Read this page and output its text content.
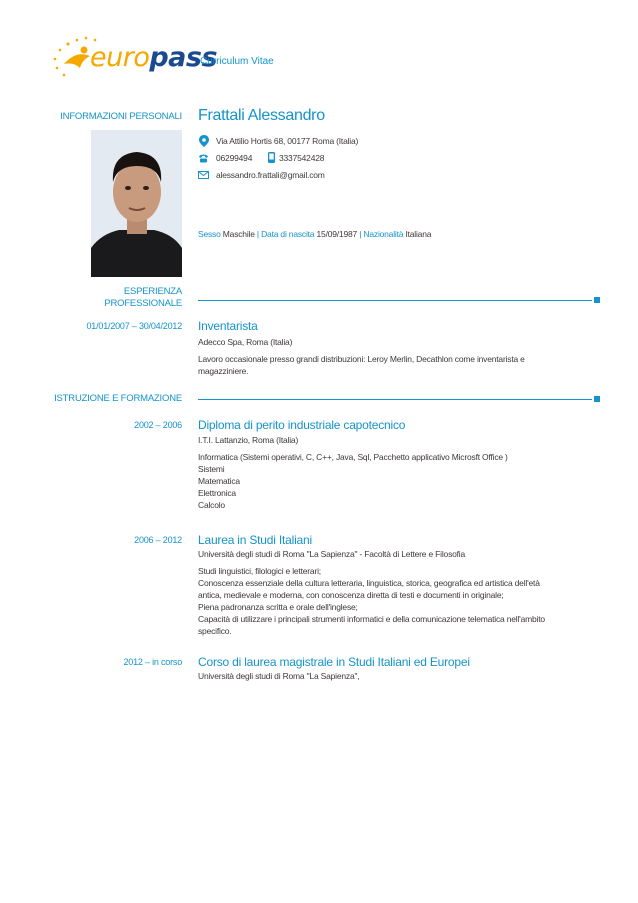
europass
Curriculum Vitae
INFORMAZIONI PERSONALI Frattali Alessandro
Via Attilio Hortis 68, 00177 Roma (Italia)
06299494	3337542428
alessandro.frattali@gmail.com
Sesso Maschile | Data di nascita 15/09/1987 | Nazionalità Italiana
ESPERIENZA
PROFESSIONALE
01/01/2007 – 30/04/2012 Inventarista
Adecco Spa, Roma (Italia)
Lavoro occasionale presso grandi distribuzioni: Leroy Merlin, Decathlon come inventarista e
magazziniere.
ISTRUZIONE E FORMAZIONE
2002 – 2006 Diploma di perito industriale capotecnico
I.T.I. Lattanzio, Roma (Italia)
Informatica (Sistemi operativi, C, C++, Java, Sql, Pacchetto applicativo Microsft Office )
Sistemi
Matematica
Elettronica
Calcolo
2006 – 2012 Laurea in Studi Italiani
Università degli studi di Roma "La Sapienza" - Facoltà di Lettere e Filosofia
Studi linguistici, filologici e letterari;
Conoscenza essenziale della cultura letteraria, linguistica, storica, geografica ed artistica dell'età
antica, medievale e moderna, con conoscenza diretta di testi e documenti in originale;
Piena padronanza scritta e orale dell'inglese;
Capacità di utilizzare i principali strumenti informatici e della comunicazione telematica nell'ambito
specifico.
2012 – in corso Corso di laurea magistrale in Studi Italiani ed Europei
Università degli studi di Roma "La Sapienza",
